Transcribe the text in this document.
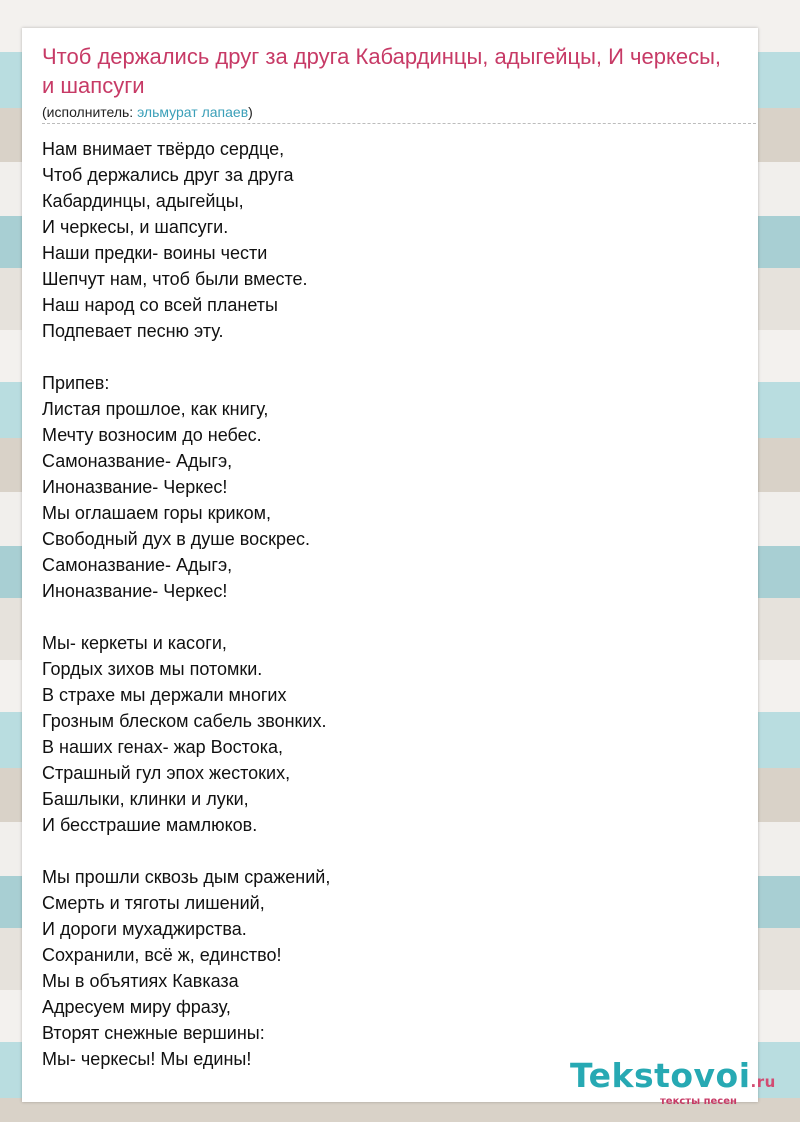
Чтоб держались друг за друга Кабардинцы, адыгейцы, И черкесы, и шапсуги
(исполнитель: эльмурат лапаев)
Нам внимает твёрдо сердце,
Чтоб держались друг за друга
Кабардинцы, адыгейцы,
И черкесы, и шапсуги.
Наши предки- воины чести
Шепчут нам, чтоб были вместе.
Наш народ со всей планеты
Подпевает песню эту.
Припев:
Листая прошлое, как книгу,
Мечту возносим до небес.
Самоназвание- Адыгэ,
Иноназвание- Черкес!
Мы оглашаем горы криком,
Свободный дух в душе воскрес.
Самоназвание- Адыгэ,
Иноназвание- Черкес!
Мы- керкеты и касоги,
Гордых зихов мы потомки.
В страхе мы держали многих
Грозным блеском сабель звонких.
В наших генах- жар Востока,
Страшный гул эпох жестоких,
Башлыки, клинки и луки,
И бесстрашие мамлюков.
Мы прошли сквозь дым сражений,
Смерть и тяготы лишений,
И дороги мухаджирства.
Сохранили, всё ж, единство!
Мы в объятиях Кавказа
Адресуем миру фразу,
Вторят снежные вершины:
Мы- черкесы! Мы едины!	Tekstovoi.ru
тексты песен
